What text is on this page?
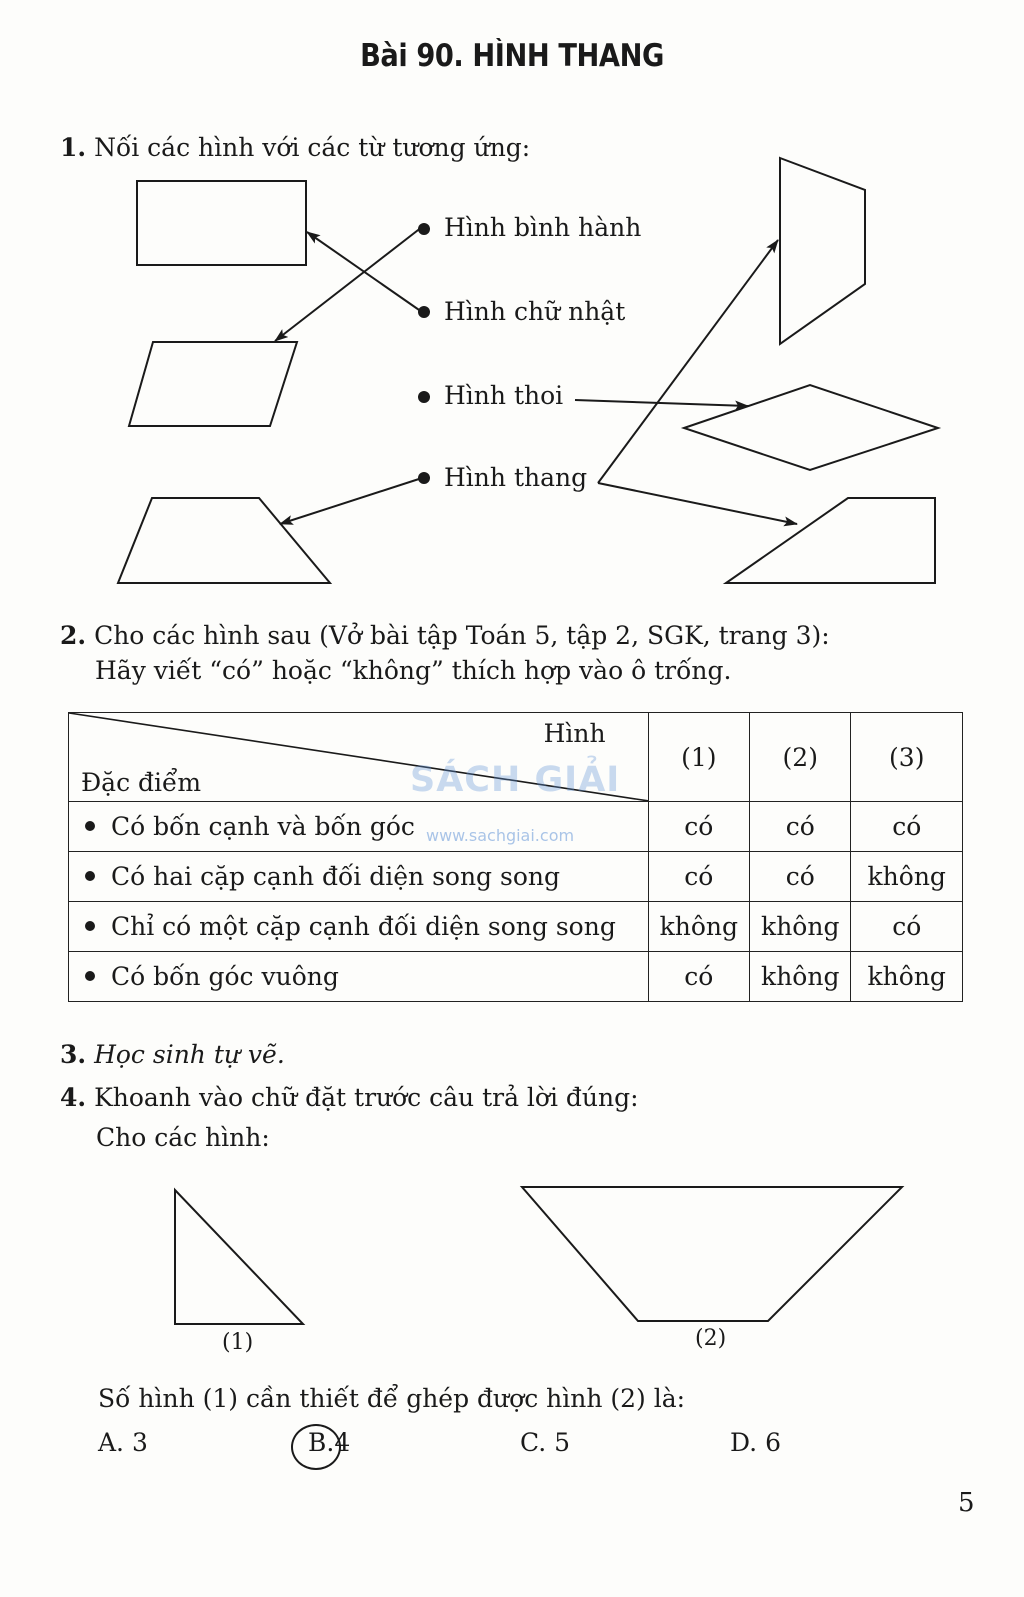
Bài 90. HÌNH THANG
1. Nối các hình với các từ tương ứng:
Hình bình hành
Hình chữ nhật
Hình thoi
Hình thang
2. Cho các hình sau (Vở bài tập Toán 5, tập 2, SGK, trang 3):
Hãy viết “có” hoặc “không” thích hợp vào ô trống.
Hình
Đặc điểm	(1)	(2)	(3)
Có bốn cạnh và bốn góc	có	có	có
Có hai cặp cạnh đối diện song song	có	có	không
Chỉ có một cặp cạnh đối diện song song	không	không	có
Có bốn góc vuông	có	không	không
SÁCH GIẢI
www.sachgiai.com
3. Học sinh tự vẽ.
4. Khoanh vào chữ đặt trước câu trả lời đúng:
Cho các hình:
(1)	(2)
Số hình (1) cần thiết để ghép được hình (2) là:
A. 3	B.4	C. 5	D. 6
5
